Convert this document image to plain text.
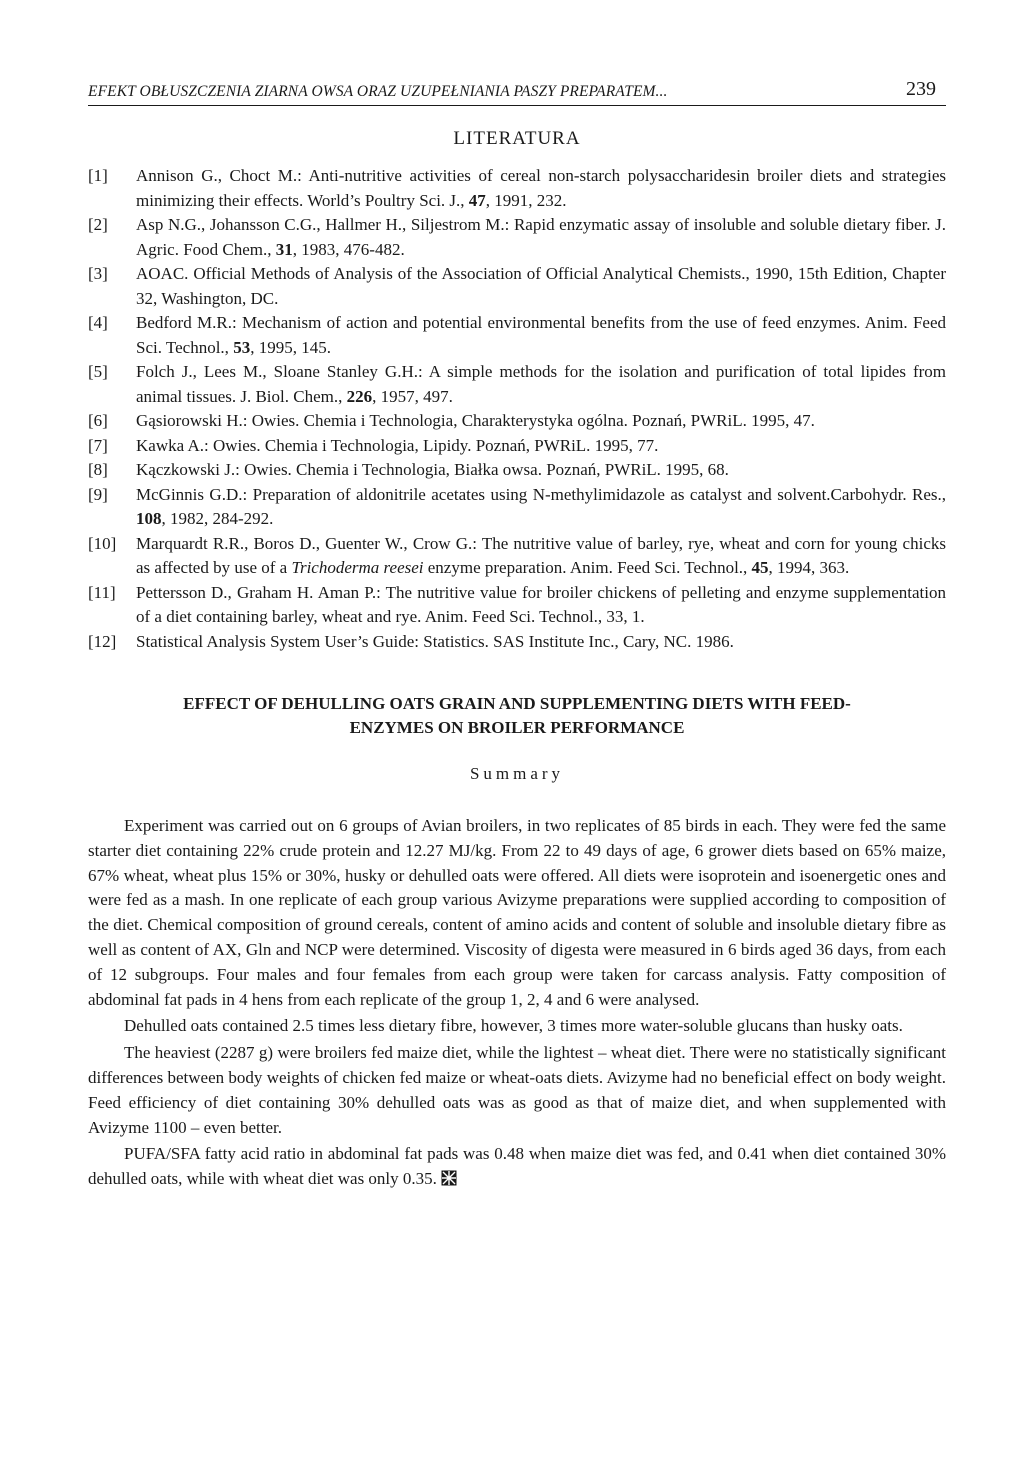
EFEKT OBŁUSZCZENIA ZIARNA OWSA ORAZ UZUPEŁNIANIA PASZY PREPARATEM...	239
LITERATURA
[1]	Annison G., Choct M.: Anti-nutritive activities of cereal non-starch polysaccharidesin broiler diets and strategies minimizing their effects. World’s Poultry Sci. J., 47, 1991, 232.
[2]	Asp N.G., Johansson C.G., Hallmer H., Siljestrom M.: Rapid enzymatic assay of insoluble and soluble dietary fiber. J. Agric. Food Chem., 31, 1983, 476-482.
[3]	AOAC. Official Methods of Analysis of the Association of Official Analytical Chemists., 1990, 15th Edition, Chapter 32, Washington, DC.
[4]	Bedford M.R.: Mechanism of action and potential environmental benefits from the use of feed enzymes. Anim. Feed Sci. Technol., 53, 1995, 145.
[5]	Folch J., Lees M., Sloane Stanley G.H.: A simple methods for the isolation and purification of total lipides from animal tissues. J. Biol. Chem., 226, 1957, 497.
[6]	Gąsiorowski H.: Owies. Chemia i Technologia, Charakterystyka ogólna. Poznań, PWRiL. 1995, 47.
[7]	Kawka A.: Owies. Chemia i Technologia, Lipidy. Poznań, PWRiL. 1995, 77.
[8]	Kączkowski J.: Owies. Chemia i Technologia, Białka owsa. Poznań, PWRiL. 1995, 68.
[9]	McGinnis G.D.: Preparation of aldonitrile acetates using N-methylimidazole as catalyst and solvent.Carbohydr. Res., 108, 1982, 284-292.
[10]	Marquardt R.R., Boros D., Guenter W., Crow G.: The nutritive value of barley, rye, wheat and corn for young chicks as affected by use of a Trichoderma reesei enzyme preparation. Anim. Feed Sci. Technol., 45, 1994, 363.
[11]	Pettersson D., Graham H. Aman P.: The nutritive value for broiler chickens of pelleting and enzyme supplementation of a diet containing barley, wheat and rye. Anim. Feed Sci. Technol., 33, 1.
[12]	Statistical Analysis System User’s Guide: Statistics. SAS Institute Inc., Cary, NC. 1986.
EFFECT OF DEHULLING OATS GRAIN AND SUPPLEMENTING DIETS WITH FEED-
ENZYMES ON BROILER PERFORMANCE
Summary

Experiment was carried out on 6 groups of Avian broilers, in two replicates of 85 birds in each. They were fed the same starter diet containing 22% crude protein and 12.27 MJ/kg. From 22 to 49 days of age, 6 grower diets based on 65% maize, 67% wheat, wheat plus 15% or 30%, husky or dehulled oats were offered. All diets were isoprotein and isoenergetic ones and were fed as a mash. In one replicate of each group various Avizyme preparations were supplied according to composition of the diet. Chemical composition of ground cereals, content of amino acids and content of soluble and insoluble dietary fibre as well as content of AX, Gln and NCP were determined. Viscosity of digesta were measured in 6 birds aged 36 days, from each of 12 subgroups. Four males and four females from each group were taken for carcass analysis. Fatty composition of abdominal fat pads in 4 hens from each replicate of the group 1, 2, 4 and 6 were analysed.

Dehulled oats contained 2.5 times less dietary fibre, however, 3 times more water-soluble glucans than husky oats.

The heaviest (2287 g) were broilers fed maize diet, while the lightest – wheat diet. There were no statistically significant differences between body weights of chicken fed maize or wheat-oats diets. Avizyme had no beneficial effect on body weight. Feed efficiency of diet containing 30% dehulled oats was as good as that of maize diet, and when supplemented with Avizyme 1100 – even better.

PUFA/SFA fatty acid ratio in abdominal fat pads was 0.48 when maize diet was fed, and 0.41 when diet contained 30% dehulled oats, while with wheat diet was only 0.35.
